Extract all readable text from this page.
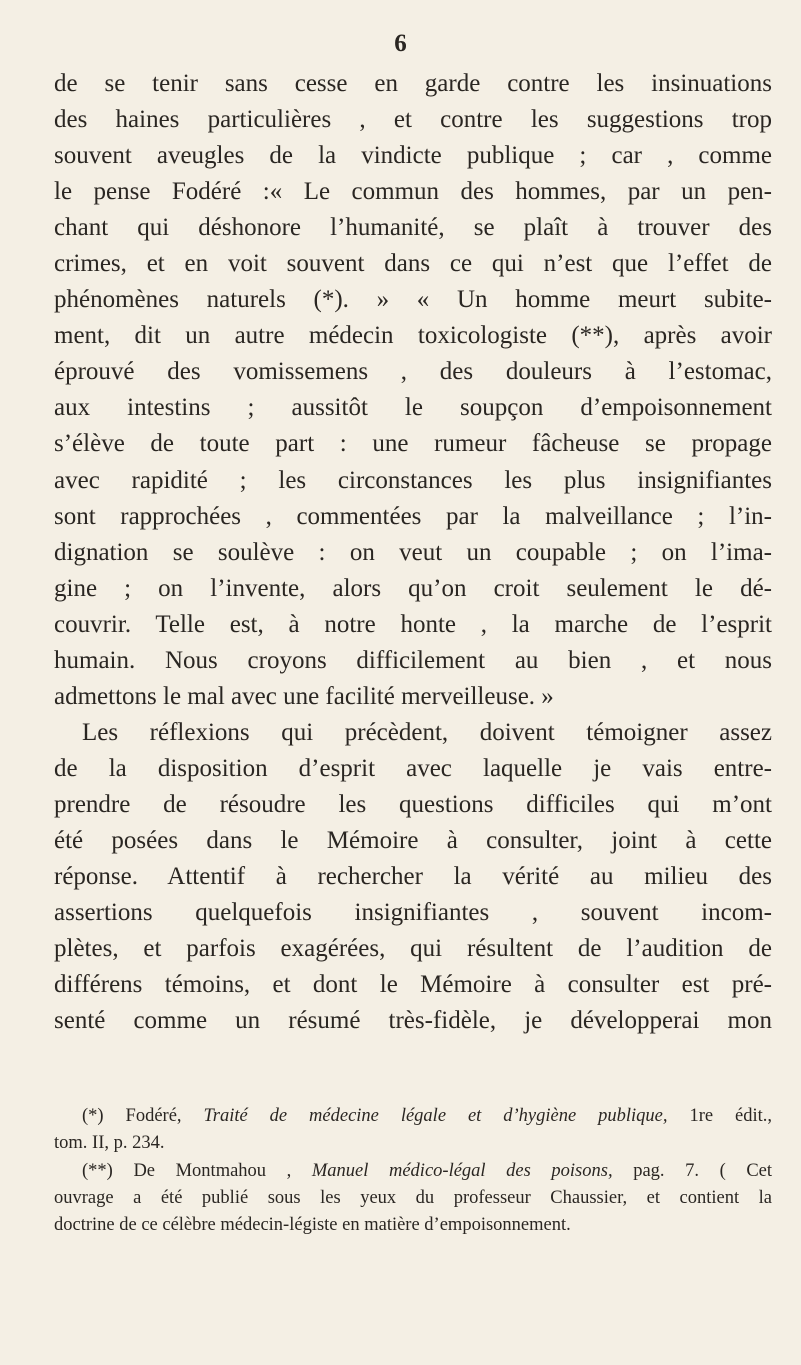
6
de se tenir sans cesse en garde contre les insinuations
des haines particulières , et contre les suggestions trop
souvent aveugles de la vindicte publique ; car , comme
le pense Fodéré :« Le commun des hommes, par un pen-
chant qui déshonore l’humanité, se plaît à trouver des
crimes, et en voit souvent dans ce qui n’est que l’effet de
phénomènes naturels (*). » « Un homme meurt subite-
ment, dit un autre médecin toxicologiste (**), après avoir
éprouvé des vomissemens , des douleurs à l’estomac,
aux intestins ; aussitôt le soupçon d’empoisonnement
s’élève de toute part : une rumeur fâcheuse se propage
avec rapidité ; les circonstances les plus insignifiantes
sont rapprochées , commentées par la malveillance ; l’in-
dignation se soulève : on veut un coupable ; on l’ima-
gine ; on l’invente, alors qu’on croit seulement le dé-
couvrir. Telle est, à notre honte , la marche de l’esprit
humain. Nous croyons difficilement au bien , et nous
admettons le mal avec une facilité merveilleuse. »
Les réflexions qui précèdent, doivent témoigner assez
de la disposition d’esprit avec laquelle je vais entre-
prendre de résoudre les questions difficiles qui m’ont
été posées dans le Mémoire à consulter, joint à cette
réponse. Attentif à rechercher la vérité au milieu des
assertions quelquefois insignifiantes , souvent incom-
plètes, et parfois exagérées, qui résultent de l’audition de
différens témoins, et dont le Mémoire à consulter est pré-
senté comme un résumé très-fidèle, je développerai mon
(*) Fodéré, Traité de médecine légale et d’hygiène publique, 1re édit.,
tom. II, p. 234.
(**) De Montmahou , Manuel médico-légal des poisons, pag. 7. ( Cet
ouvrage a été publié sous les yeux du professeur Chaussier, et contient la
doctrine de ce célèbre médecin-légiste en matière d’empoisonnement.
